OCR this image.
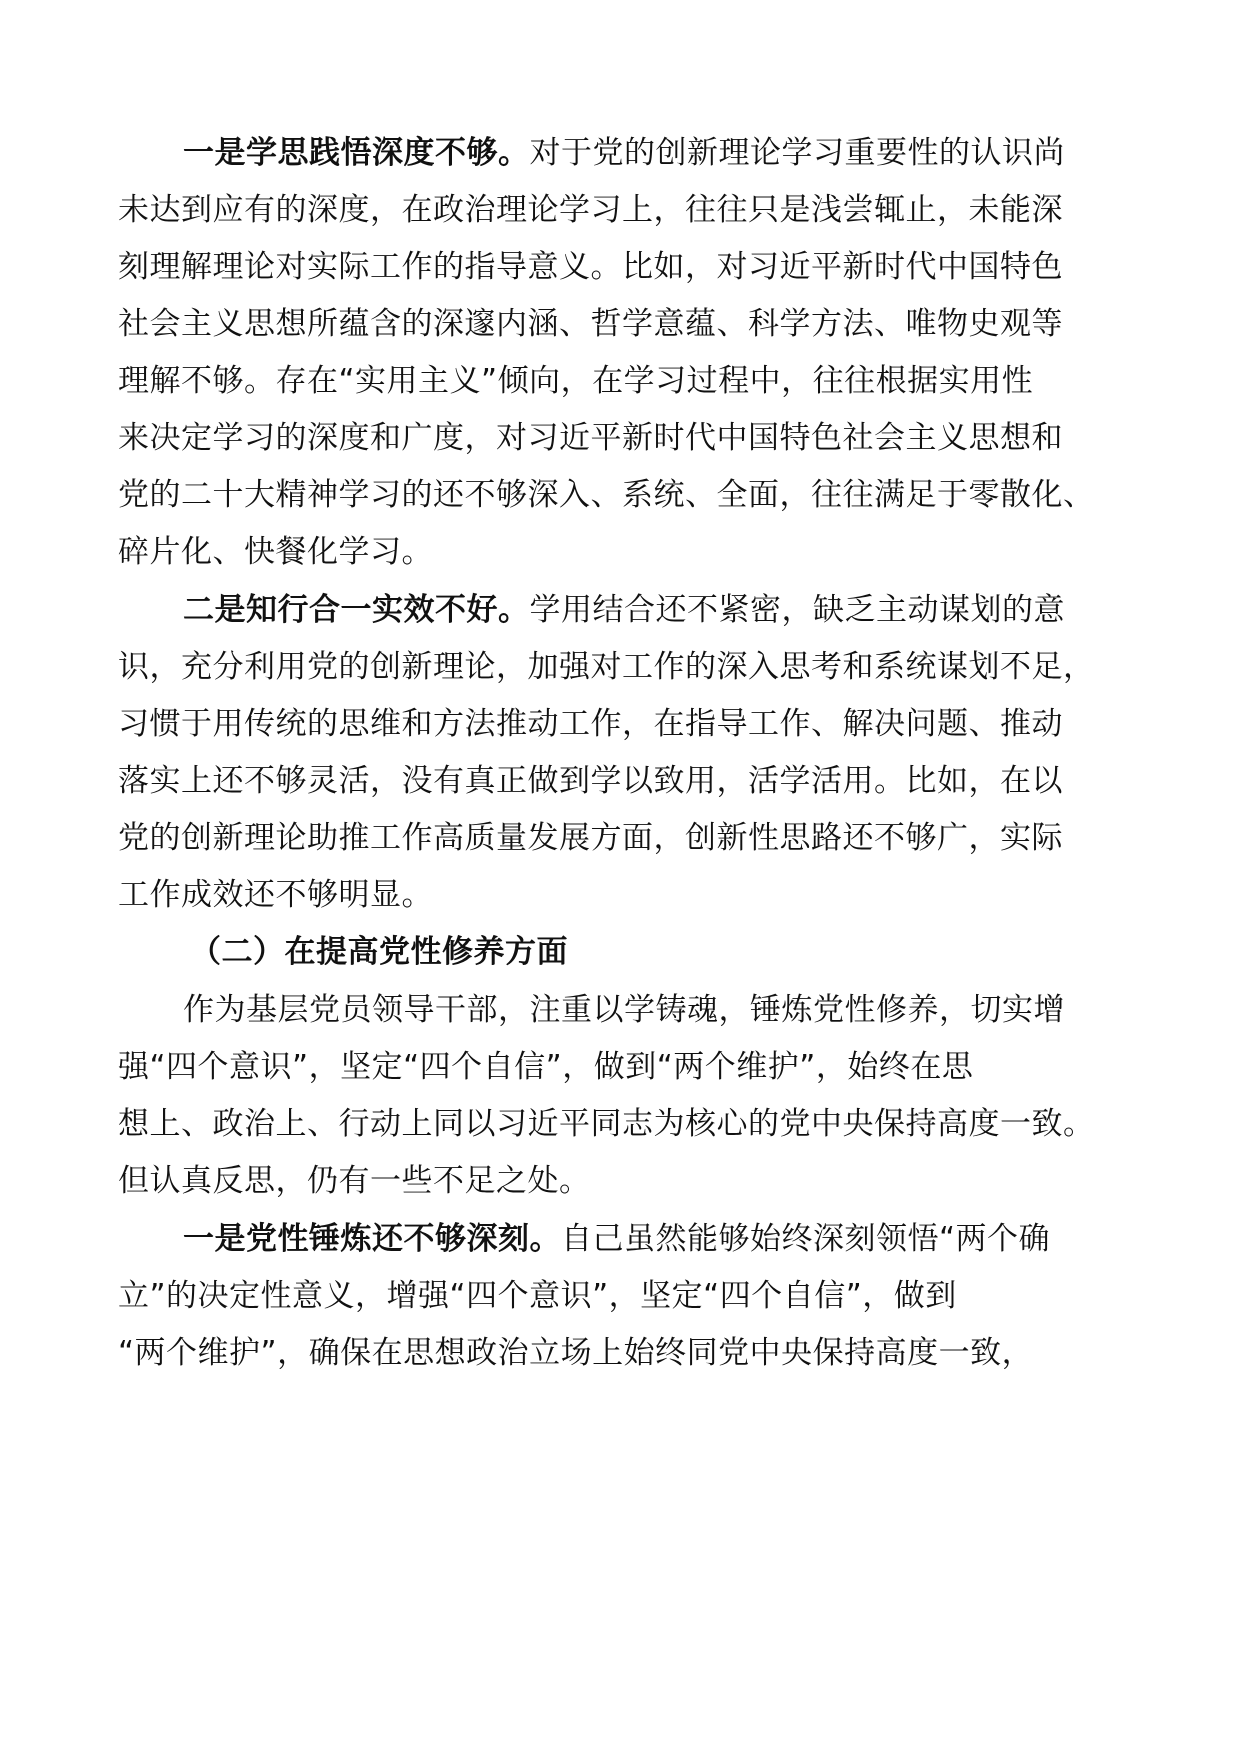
一是学思践悟深度不够。对于党的创新理论学习重要性的认识尚
未达到应有的深度，在政治理论学习上，往往只是浅尝辄止，未能深
刻理解理论对实际工作的指导意义。比如，对习近平新时代中国特色
社会主义思想所蕴含的深邃内涵、哲学意蕴、科学方法、唯物史观等
理解不够。存在“实用主义”倾向，在学习过程中，往往根据实用性
来决定学习的深度和广度，对习近平新时代中国特色社会主义思想和
党的二十大精神学习的还不够深入、系统、全面，往往满足于零散化、
碎片化、快餐化学习。
二是知行合一实效不好。学用结合还不紧密，缺乏主动谋划的意
识，充分利用党的创新理论，加强对工作的深入思考和系统谋划不足，
习惯于用传统的思维和方法推动工作，在指导工作、解决问题、推动
落实上还不够灵活，没有真正做到学以致用，活学活用。比如，在以
党的创新理论助推工作高质量发展方面，创新性思路还不够广，实际
工作成效还不够明显。
（二）在提高党性修养方面
作为基层党员领导干部，注重以学铸魂，锤炼党性修养，切实增
强“四个意识”，坚定“四个自信”，做到“两个维护”，始终在思
想上、政治上、行动上同以习近平同志为核心的党中央保持高度一致。
但认真反思，仍有一些不足之处。
一是党性锤炼还不够深刻。自己虽然能够始终深刻领悟“两个确
立”的决定性意义，增强“四个意识”，坚定“四个自信”，做到
“两个维护”，确保在思想政治立场上始终同党中央保持高度一致，
